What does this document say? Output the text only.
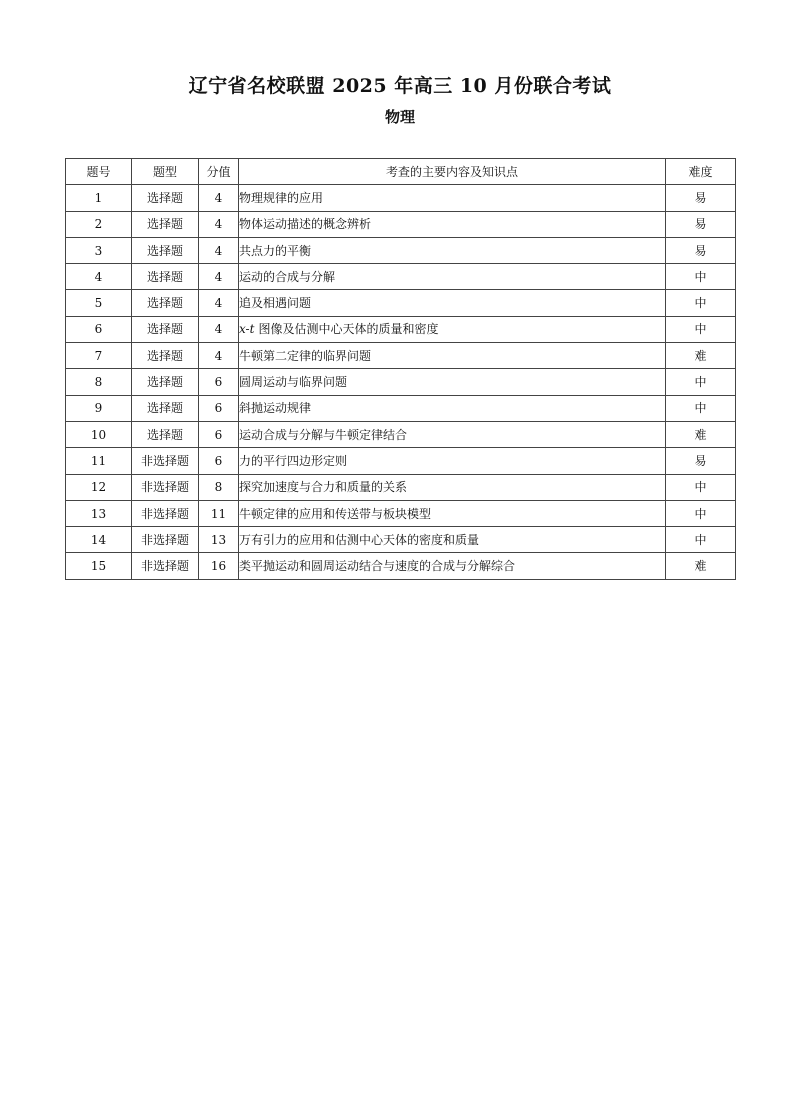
辽宁省名校联盟 2025 年高三 10 月份联合考试
物理
题号	题型	分值	考查的主要内容及知识点	难度
1	选择题	4	物理规律的应用	易
2	选择题	4	物体运动描述的概念辨析	易
3	选择题	4	共点力的平衡	易
4	选择题	4	运动的合成与分解	中
5	选择题	4	追及相遇问题	中
6	选择题	4	x-t 图像及估测中心天体的质量和密度	中
7	选择题	4	牛顿第二定律的临界问题	难
8	选择题	6	圆周运动与临界问题	中
9	选择题	6	斜抛运动规律	中
10	选择题	6	运动合成与分解与牛顿定律结合	难
11	非选择题	6	力的平行四边形定则	易
12	非选择题	8	探究加速度与合力和质量的关系	中
13	非选择题	11	牛顿定律的应用和传送带与板块模型	中
14	非选择题	13	万有引力的应用和估测中心天体的密度和质量	中
15	非选择题	16	类平抛运动和圆周运动结合与速度的合成与分解综合	难
